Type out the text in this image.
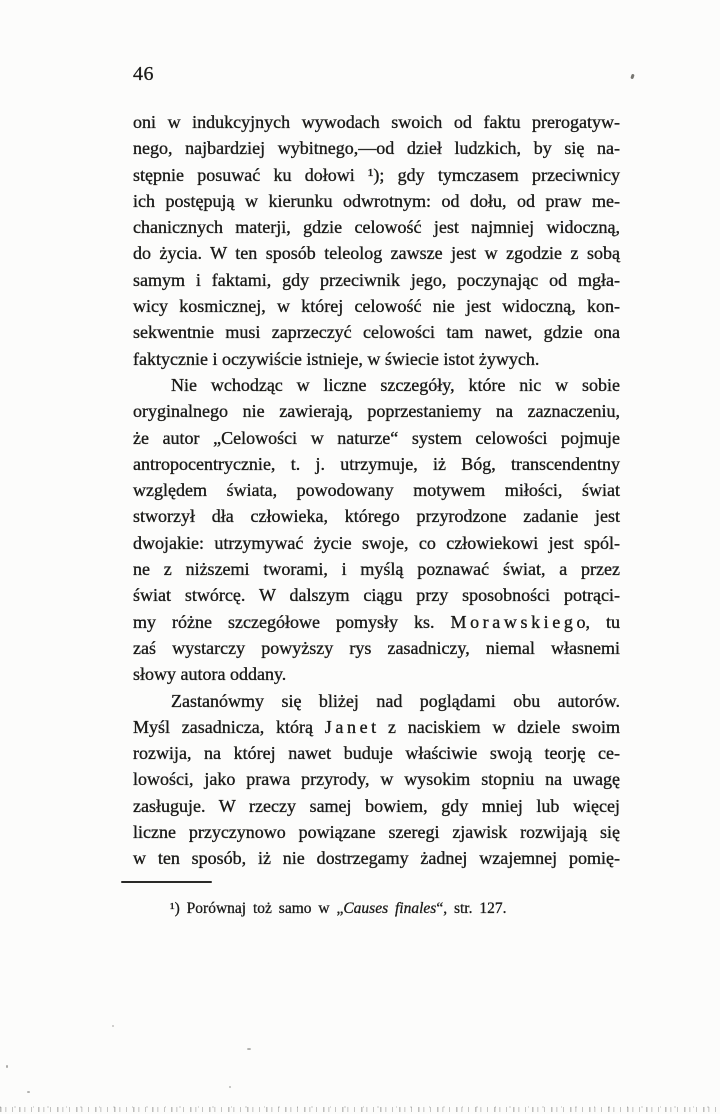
46
oni w indukcyjnych wywodach swoich od faktu prerogatyw-
nego, najbardziej wybitnego,—od dzieł ludzkich, by się na-
stępnie posuwać ku dołowi ¹); gdy tymczasem przeciwnicy
ich postępują w kierunku odwrotnym: od dołu, od praw me-
chanicznych materji, gdzie celowość jest najmniej widoczną,
do życia. W ten sposób teleolog zawsze jest w zgodzie z sobą
samym i faktami, gdy przeciwnik jego, poczynając od mgła-
wicy kosmicznej, w której celowość nie jest widoczną, kon-
sekwentnie musi zaprzeczyć celowości tam nawet, gdzie ona
faktycznie i oczywiście istnieje, w świecie istot żywych.
Nie wchodząc w liczne szczegóły, które nic w sobie
oryginalnego nie zawierają, poprzestaniemy na zaznaczeniu,
że autor „Celowości w naturze“ system celowości pojmuje
antropocentrycznie, t. j. utrzymuje, iż Bóg, transcendentny
względem świata, powodowany motywem miłości, świat
stworzył dła człowieka, którego przyrodzone zadanie jest
dwojakie: utrzymywać życie swoje, co człowiekowi jest spól-
ne z niższemi tworami, i myślą poznawać świat, a przez
świat stwórcę. W dalszym ciągu przy sposobności potrąci-
my różne szczegółowe pomysły ks. M o r a w s k i e g o, tu
zaś wystarczy powyższy rys zasadniczy, niemal własnemi
słowy autora oddany.
Zastanówmy się bliżej nad poglądami obu autorów.
Myśl zasadnicza, którą J a n e t z naciskiem w dziele swoim
rozwija, na której nawet buduje właściwie swoją teorję ce-
lowości, jako prawa przyrody, w wysokim stopniu na uwagę
zasługuje. W rzeczy samej bowiem, gdy mniej lub więcej
liczne przyczynowo powiązane szeregi zjawisk rozwijają się
w ten sposób, iż nie dostrzegamy żadnej wzajemnej pomię-
¹) Porównaj toż samo w „Causes finales“, str. 127.
